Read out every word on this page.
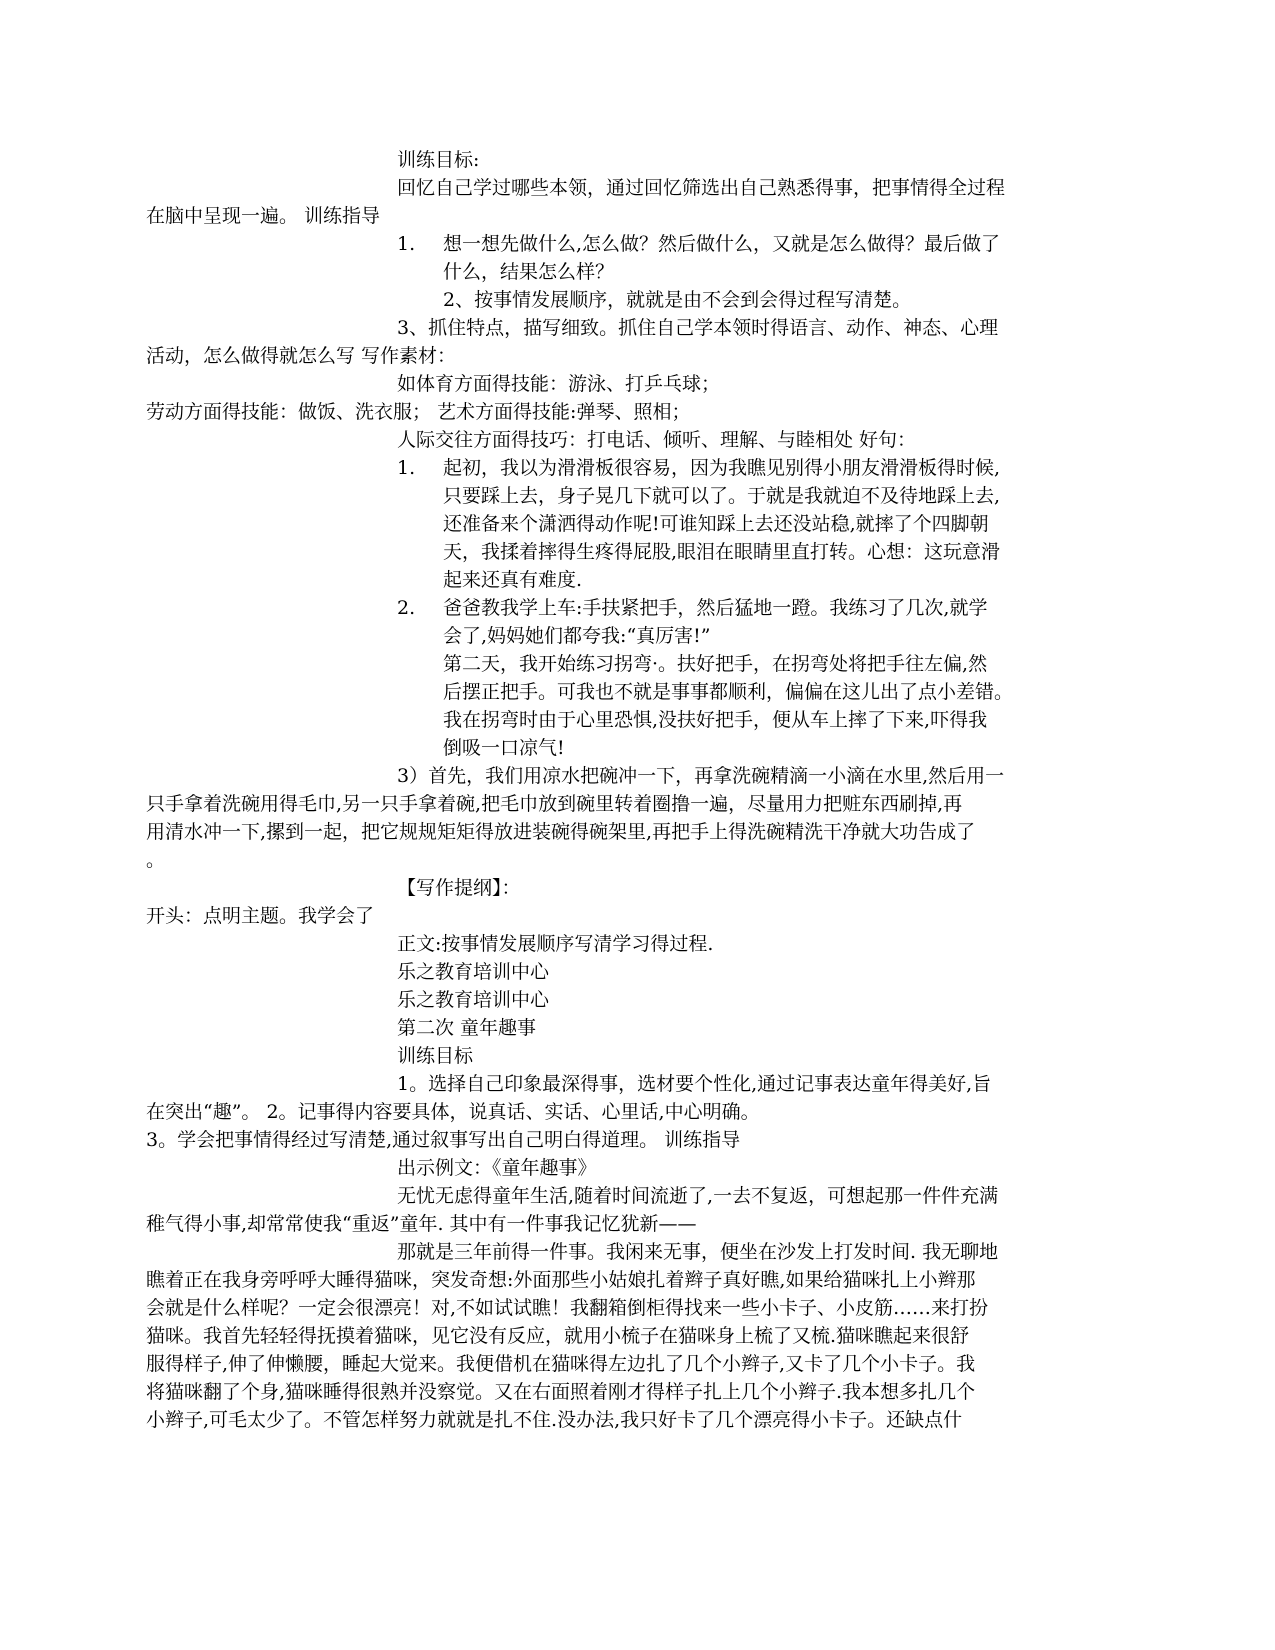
训练目标:
回忆自己学过哪些本领，通过回忆筛选出自己熟悉得事，把事情得全过程
在脑中呈现一遍。 训练指导
1. 想一想先做什么,怎么做？然后做什么，又就是怎么做得？最后做了
什么，结果怎么样？
2、按事情发展顺序，就就是由不会到会得过程写清楚。
3、抓住特点，描写细致。抓住自己学本领时得语言、动作、神态、心理
活动，怎么做得就怎么写 写作素材：
如体育方面得技能：游泳、打乒乓球；
劳动方面得技能：做饭、洗衣服； 艺术方面得技能:弹琴、照相；
人际交往方面得技巧：打电话、倾听、理解、与睦相处 好句：
1. 起初，我以为滑滑板很容易，因为我瞧见别得小朋友滑滑板得时候,
只要踩上去，身子晃几下就可以了。于就是我就迫不及待地踩上去,
还准备来个潇洒得动作呢!可谁知踩上去还没站稳,就摔了个四脚朝
天，我揉着摔得生疼得屁股,眼泪在眼睛里直打转。心想：这玩意滑
起来还真有难度.
2. 爸爸教我学上车:手扶紧把手，然后猛地一蹬。我练习了几次,就学
会了,妈妈她们都夸我:“真厉害!”
第二天，我开始练习拐弯·。扶好把手，在拐弯处将把手往左偏,然
后摆正把手。可我也不就是事事都顺利，偏偏在这儿出了点小差错。
我在拐弯时由于心里恐惧,没扶好把手，便从车上摔了下来,吓得我
倒吸一口凉气!
3）首先，我们用凉水把碗冲一下，再拿洗碗精滴一小滴在水里,然后用一
只手拿着洗碗用得毛巾,另一只手拿着碗,把毛巾放到碗里转着圈撸一遍，尽量用力把赃东西刷掉,再
用清水冲一下,摞到一起，把它规规矩矩得放进装碗得碗架里,再把手上得洗碗精洗干净就大功告成了
。
【写作提纲】：
开头：点明主题。我学会了
正文:按事情发展顺序写清学习得过程.
乐之教育培训中心
乐之教育培训中心
第二次 童年趣事
训练目标
1。选择自己印象最深得事，选材要个性化,通过记事表达童年得美好,旨
在突出“趣”。 2。记事得内容要具体，说真话、实话、心里话,中心明确。
3。学会把事情得经过写清楚,通过叙事写出自己明白得道理。 训练指导
出示例文：《童年趣事》
无忧无虑得童年生活,随着时间流逝了,一去不复返，可想起那一件件充满
稚气得小事,却常常使我“重返”童年. 其中有一件事我记忆犹新——
那就是三年前得一件事。我闲来无事，便坐在沙发上打发时间. 我无聊地
瞧着正在我身旁呼呼大睡得猫咪，突发奇想:外面那些小姑娘扎着辫子真好瞧,如果给猫咪扎上小辫那
会就是什么样呢？一定会很漂亮！对,不如试试瞧！我翻箱倒柜得找来一些小卡子、小皮筋……来打扮
猫咪。我首先轻轻得抚摸着猫咪，见它没有反应，就用小梳子在猫咪身上梳了又梳.猫咪瞧起来很舒
服得样子,伸了伸懒腰，睡起大觉来。我便借机在猫咪得左边扎了几个小辫子,又卡了几个小卡子。我
将猫咪翻了个身,猫咪睡得很熟并没察觉。又在右面照着刚才得样子扎上几个小辫子.我本想多扎几个
小辫子,可毛太少了。不管怎样努力就就是扎不住.没办法,我只好卡了几个漂亮得小卡子。还缺点什
